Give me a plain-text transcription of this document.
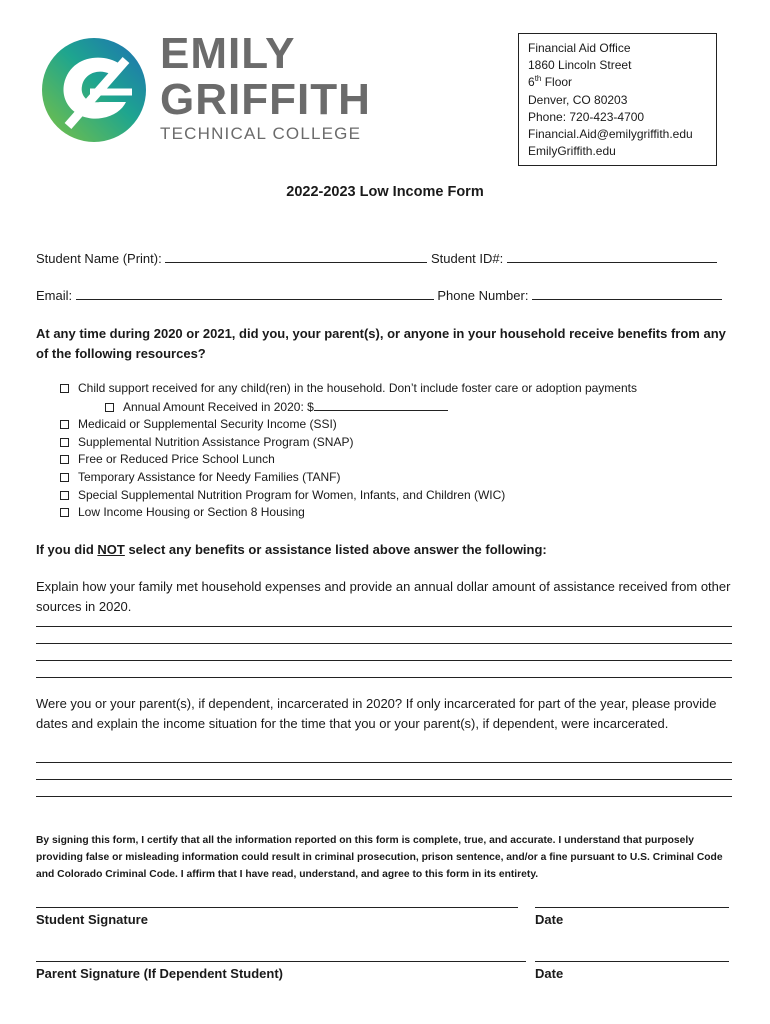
EMILY
GRIFFITH
TECHNICAL COLLEGE
Financial Aid Office
1860 Lincoln Street
6th Floor
Denver, CO 80203
Phone: 720-423-4700
Financial.Aid@emilygriffith.edu
EmilyGriffith.edu
2022-2023 Low Income Form
Student Name (Print):	Student ID#:
Email:	Phone Number:
At any time during 2020 or 2021, did you, your parent(s), or anyone in your household receive benefits from any of the following resources?
Child support received for any child(ren) in the household. Don’t include foster care or adoption payments
Annual Amount Received in 2020: $
Medicaid or Supplemental Security Income (SSI)
Supplemental Nutrition Assistance Program (SNAP)
Free or Reduced Price School Lunch
Temporary Assistance for Needy Families (TANF)
Special Supplemental Nutrition Program for Women, Infants, and Children (WIC)
Low Income Housing or Section 8 Housing
If you did NOT select any benefits or assistance listed above answer the following:
Explain how your family met household expenses and provide an annual dollar amount of assistance received from other sources in 2020.
Were you or your parent(s), if dependent, incarcerated in 2020? If only incarcerated for part of the year, please provide dates and explain the income situation for the time that you or your parent(s), if dependent, were incarcerated.
By signing this form, I certify that all the information reported on this form is complete, true, and accurate. I understand that purposely providing false or misleading information could result in criminal prosecution, prison sentence, and/or a fine pursuant to U.S. Criminal Code and Colorado Criminal Code. I affirm that I have read, understand, and agree to this form in its entirety.
Student Signature	Date
Parent Signature (If Dependent Student)	Date
